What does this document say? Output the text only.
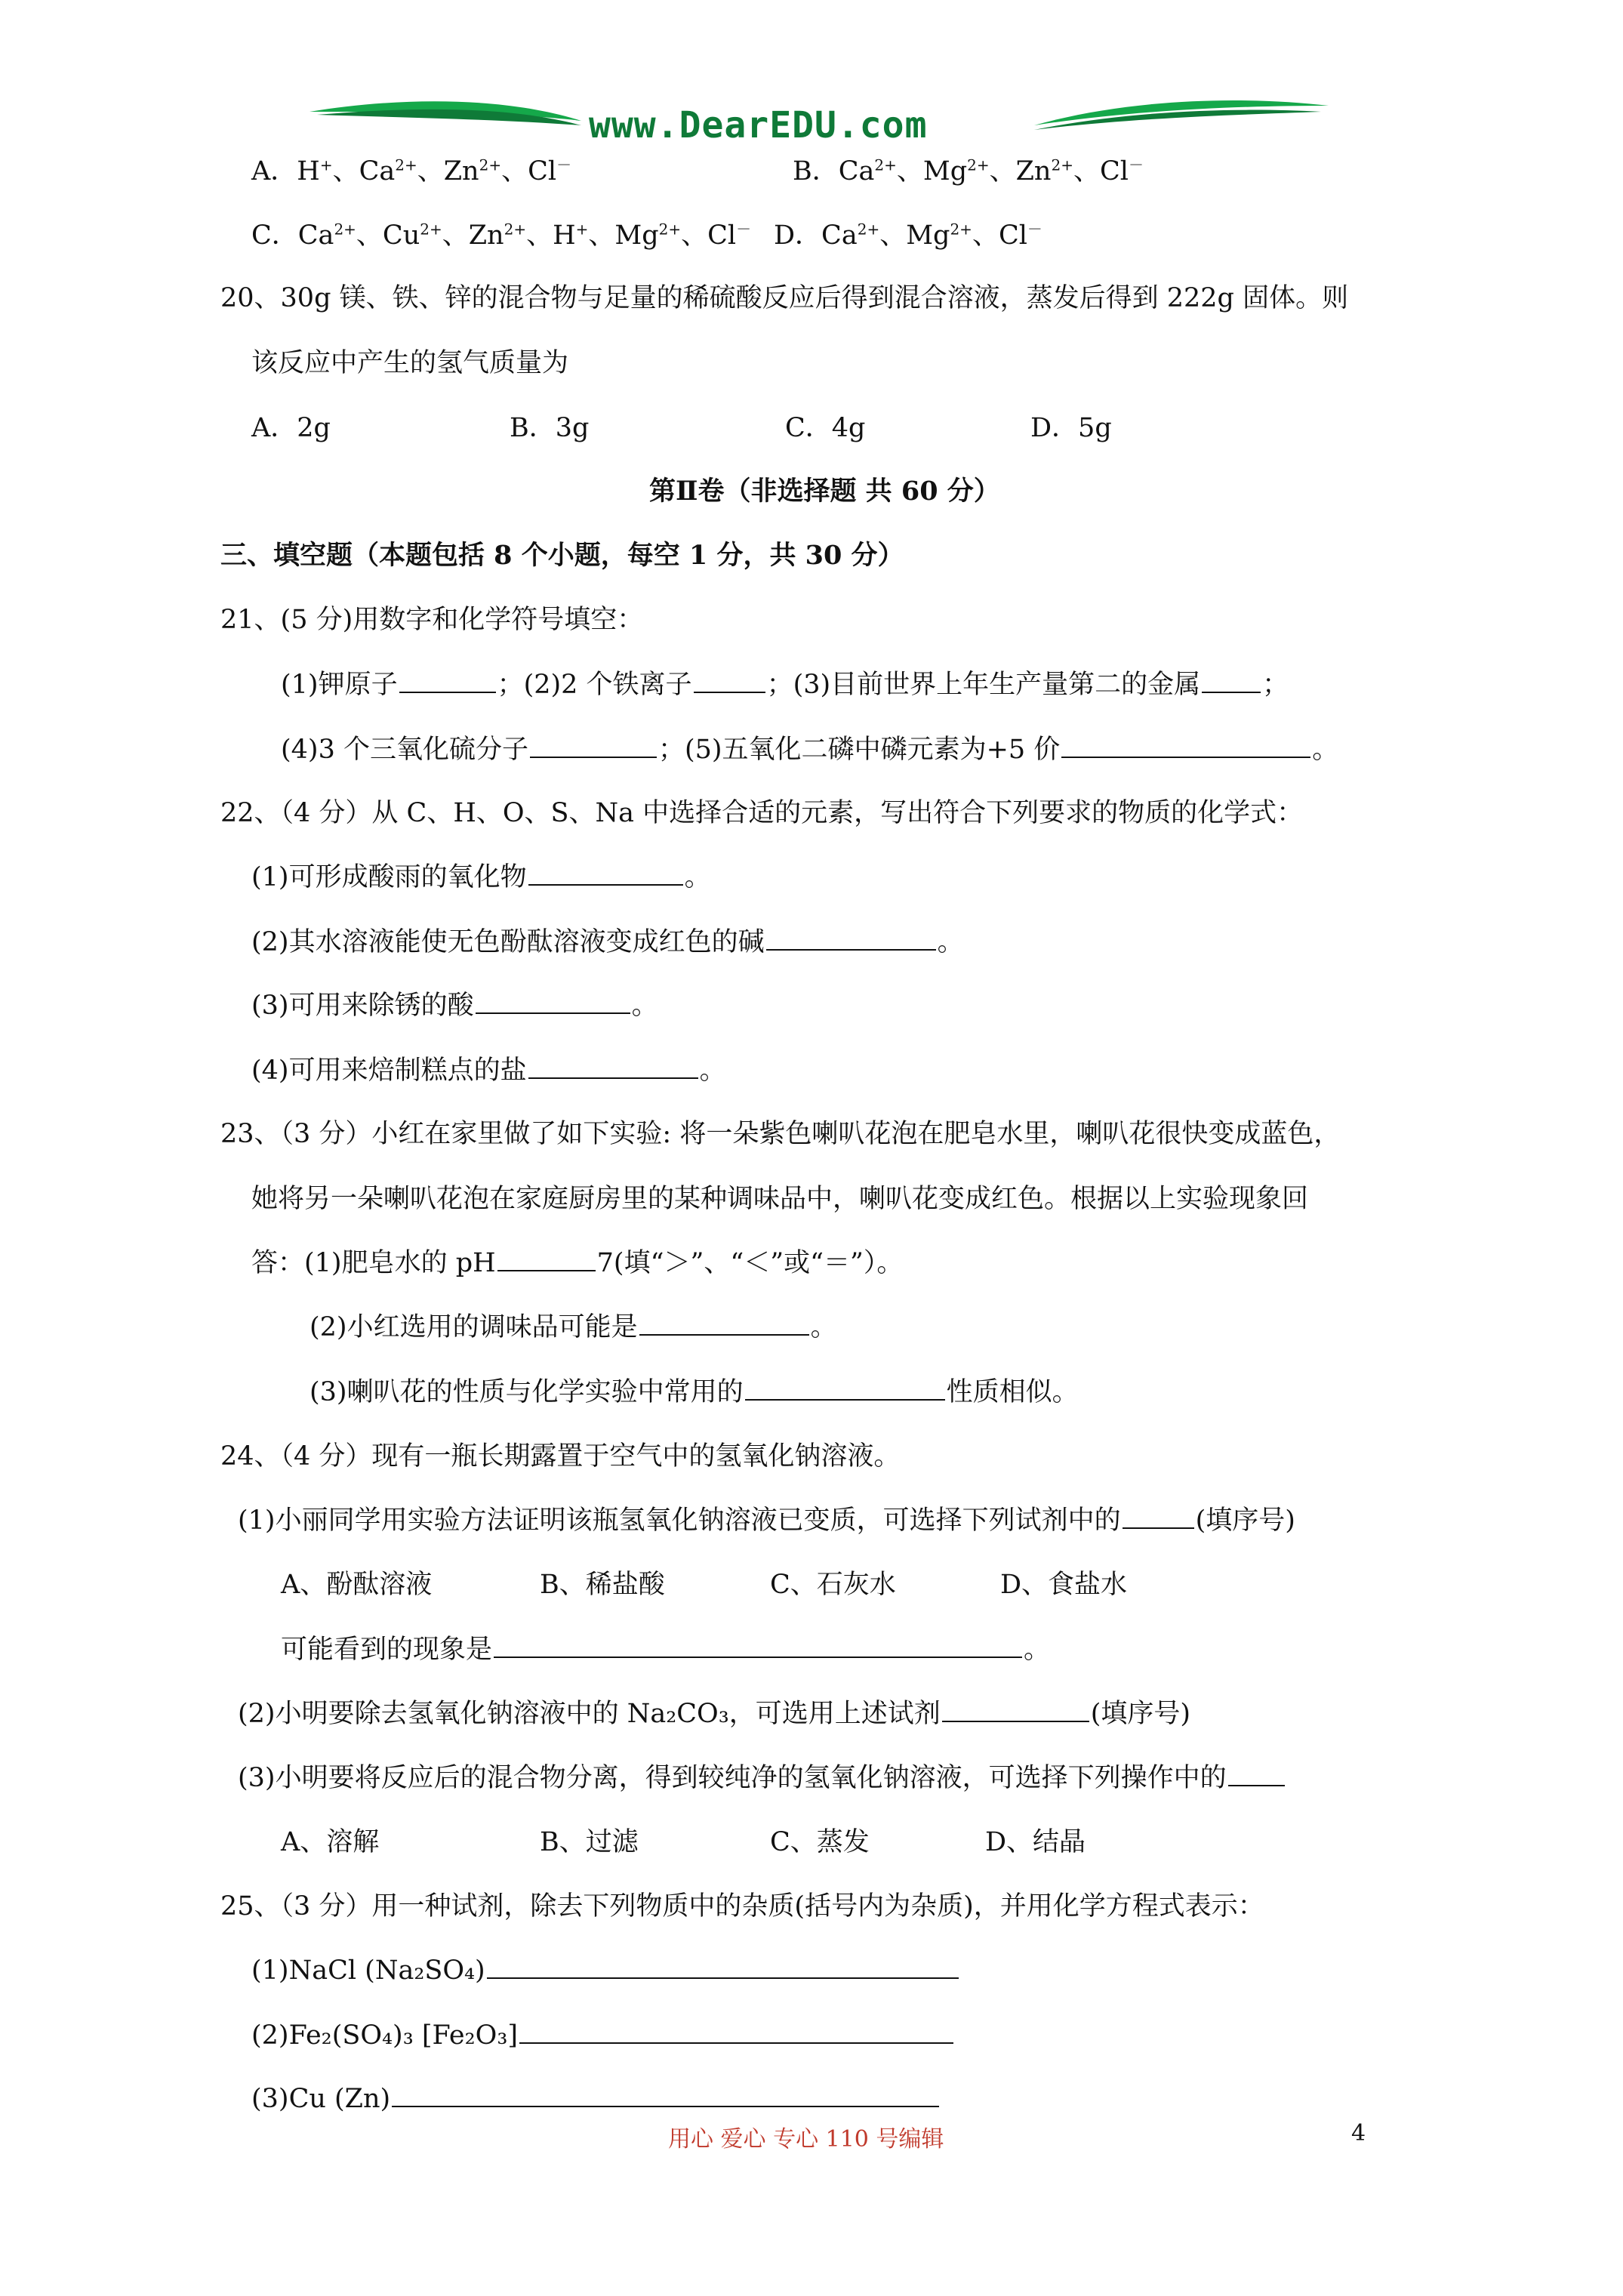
www.DearEDU.com
A．H+、$Ca^{2+}$、$Zn^{2+}$、Cl－	B．$Ca^{2+}$、$Mg^{2+}$、$Zn^{2+}$、Cl－
C．$Ca^{2+}$、$Cu^{2+}$、$Zn^{2+}$、H+、$Mg^{2+}$、Cl－ D．$Ca^{2+}$、$Mg^{2+}$、Cl－
20、30g 镁、铁、锌的混合物与足量的稀硫酸反应后得到混合溶液，蒸发后得到 222g 固体。则
该反应中产生的氢气质量为
A．2g	B．3g	C．4g	D．5g
第Ⅱ卷（非选择题 共 60 分）
三、填空题（本题包括 8 个小题，每空 1 分，共 30 分）
21、(5 分)用数字和化学符号填空：
(1)钾原子	；(2)2 个铁离子	；(3)目前世界上年生产量第二的金属 ；
(4)3 个三氧化硫分子	；(5)五氧化二磷中磷元素为+5 价	。
22、（4 分）从 C、H、O、S、Na 中选择合适的元素，写出符合下列要求的物质的化学式：
(1)可形成酸雨的氧化物	。
(2)其水溶液能使无色酚酞溶液变成红色的碱	。
(3)可用来除锈的酸	。
(4)可用来焙制糕点的盐	。
23、（3 分）小红在家里做了如下实验: 将一朵紫色喇叭花泡在肥皂水里，喇叭花很快变成蓝色，
她将另一朵喇叭花泡在家庭厨房里的某种调味品中，喇叭花变成红色。根据以上实验现象回
答：(1)肥皂水的 pH	7(填“＞”、“＜”或“＝”）。
(2)小红选用的调味品可能是	。
(3)喇叭花的性质与化学实验中常用的	性质相似。
24、（4 分）现有一瓶长期露置于空气中的氢氧化钠溶液。
(1)小丽同学用实验方法证明该瓶氢氧化钠溶液已变质，可选择下列试剂中的	(填序号)
A、酚酞溶液	B、稀盐酸	C、石灰水	D、食盐水
可能看到的现象是	。
(2)小明要除去氢氧化钠溶液中的 Na₂CO₃，可选用上述试剂	(填序号)
(3)小明要将反应后的混合物分离，得到较纯净的氢氧化钠溶液，可选择下列操作中的
A、溶解	B、过滤	C、蒸发	D、结晶
25、（3 分）用一种试剂，除去下列物质中的杂质(括号内为杂质)，并用化学方程式表示：
(1)NaCl (Na₂SO₄)
(2)Fe₂(SO₄)₃ [Fe₂O₃]
(3)Cu (Zn)
用心 爱心 专心 110 号编辑	4
